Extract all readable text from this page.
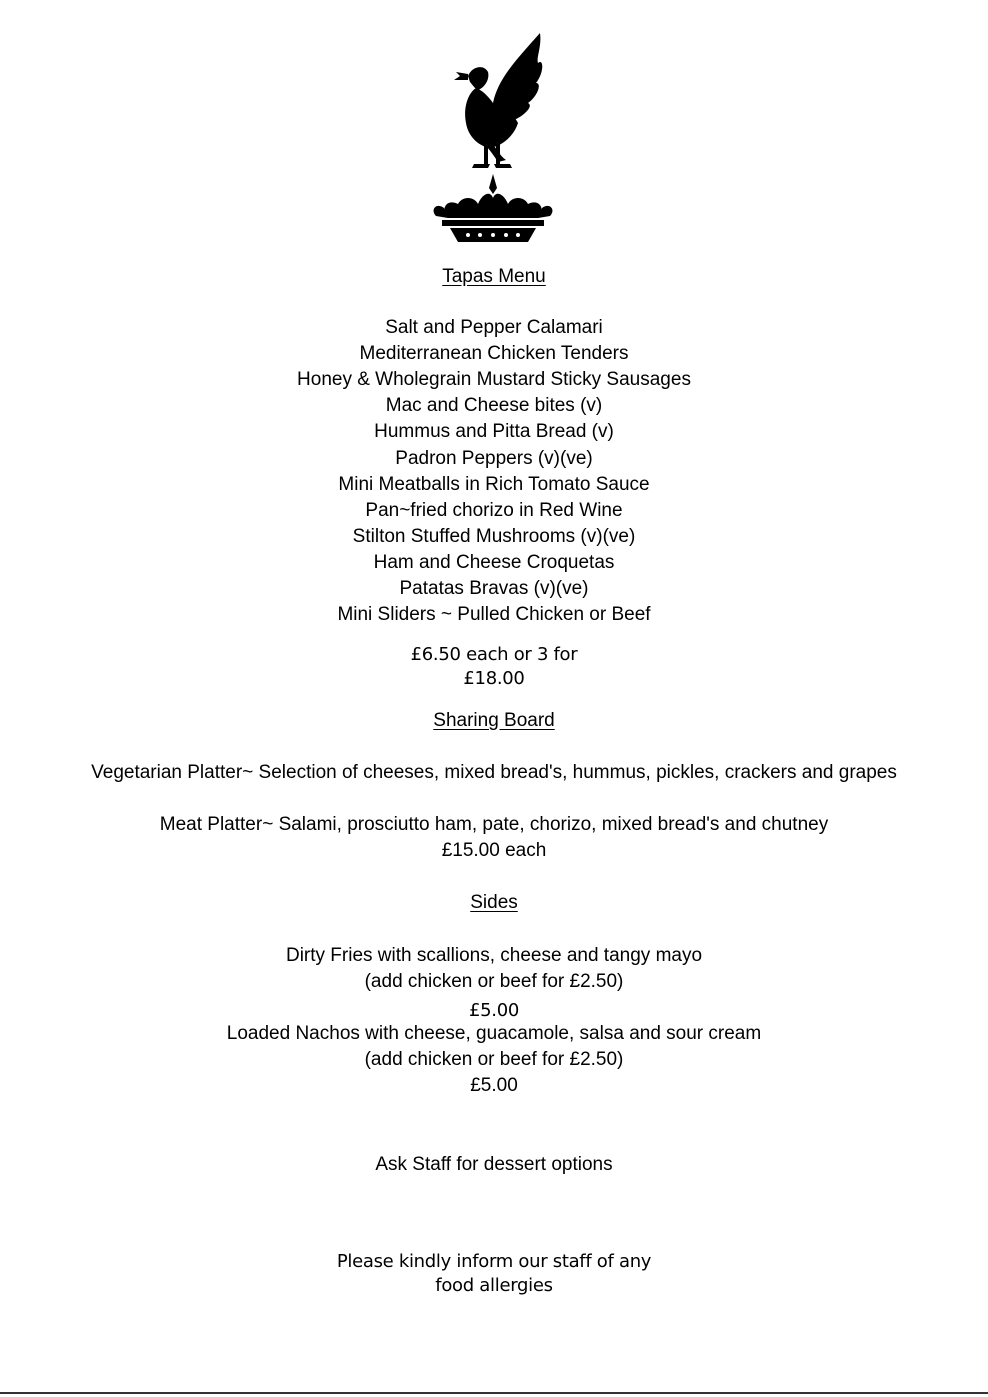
Tapas Menu
Salt and Pepper Calamari
Mediterranean Chicken Tenders
Honey & Wholegrain Mustard Sticky Sausages
Mac and Cheese bites (v)
Hummus and Pitta Bread (v)
Padron Peppers (v)(ve)
Mini Meatballs in Rich Tomato Sauce
Pan~fried chorizo in Red Wine
Stilton Stuffed Mushrooms (v)(ve)
Ham and Cheese Croquetas
Patatas Bravas (v)(ve)
Mini Sliders ~ Pulled Chicken or Beef
£6.50 each or 3 for
£18.00
Sharing Board
Vegetarian Platter~ Selection of cheeses, mixed bread's, hummus, pickles, crackers and grapes
Meat Platter~ Salami, prosciutto ham, pate, chorizo, mixed bread's and chutney
£15.00 each
Sides
Dirty Fries with scallions, cheese and tangy mayo
(add chicken or beef for £2.50)
£5.00
Loaded Nachos with cheese, guacamole, salsa and sour cream
(add chicken or beef for £2.50)
£5.00
Ask Staff for dessert options
Please kindly inform our staff of any
food allergies
